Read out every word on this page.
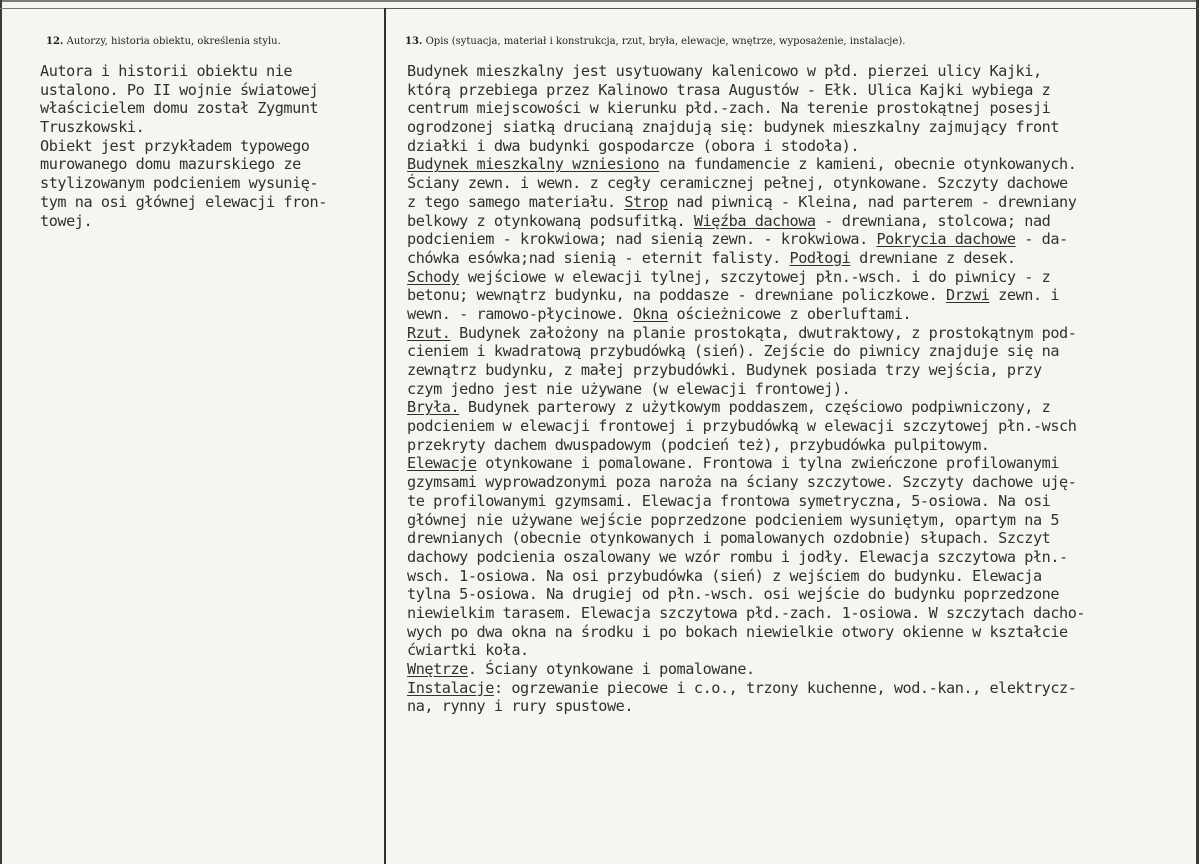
12. Autorzy, historia obiektu, określenia stylu.	13. Opis (sytuacja, materiał i konstrukcja, rzut, bryła, elewacje, wnętrze, wyposażenie, instalacje).
Autora i historii obiektu nie
ustalono. Po II wojnie światowej
właścicielem domu został Zygmunt
Truszkowski.
Obiekt jest przykładem typowego
murowanego domu mazurskiego ze
stylizowanym podcieniem wysunię-
tym na osi głównej elewacji fron-
towej.
Budynek mieszkalny jest usytuowany kalenicowo w płd. pierzei ulicy Kajki,
którą przebiega przez Kalinowo trasa Augustów - Ełk. Ulica Kajki wybiega z
centrum miejscowości w kierunku płd.-zach. Na terenie prostokątnej posesji
ogrodzonej siatką drucianą znajdują się: budynek mieszkalny zajmujący front
działki i dwa budynki gospodarcze (obora i stodoła).
Budynek mieszkalny wzniesiono na fundamencie z kamieni, obecnie otynkowanych.
Ściany zewn. i wewn. z cegły ceramicznej pełnej, otynkowane. Szczyty dachowe
z tego samego materiału. Strop nad piwnicą - Kleina, nad parterem - drewniany
belkowy z otynkowaną podsufitką. Więźba dachowa - drewniana, stolcowa; nad
podcieniem - krokwiowa; nad sienią zewn. - krokwiowa. Pokrycia dachowe - da-
chówka esówka;nad sienią - eternit falisty. Podłogi drewniane z desek.
Schody wejściowe w elewacji tylnej, szczytowej płn.-wsch. i do piwnicy - z
betonu; wewnątrz budynku, na poddasze - drewniane policzkowe. Drzwi zewn. i
wewn. - ramowo-płycinowe. Okna ościeżnicowe z oberluftami.
Rzut. Budynek założony na planie prostokąta, dwutraktowy, z prostokątnym pod-
cieniem i kwadratową przybudówką (sień). Zejście do piwnicy znajduje się na
zewnątrz budynku, z małej przybudówki. Budynek posiada trzy wejścia, przy
czym jedno jest nie używane (w elewacji frontowej).
Bryła. Budynek parterowy z użytkowym poddaszem, częściowo podpiwniczony, z
podcieniem w elewacji frontowej i przybudówką w elewacji szczytowej płn.-wsch
przekryty dachem dwuspadowym (podcień też), przybudówka pulpitowym.
Elewacje otynkowane i pomalowane. Frontowa i tylna zwieńczone profilowanymi
gzymsami wyprowadzonymi poza naroża na ściany szczytowe. Szczyty dachowe uję-
te profilowanymi gzymsami. Elewacja frontowa symetryczna, 5-osiowa. Na osi
głównej nie używane wejście poprzedzone podcieniem wysuniętym, opartym na 5
drewnianych (obecnie otynkowanych i pomalowanych ozdobnie) słupach. Szczyt
dachowy podcienia oszalowany we wzór rombu i jodły. Elewacja szczytowa płn.-
wsch. 1-osiowa. Na osi przybudówka (sień) z wejściem do budynku. Elewacja
tylna 5-osiowa. Na drugiej od płn.-wsch. osi wejście do budynku poprzedzone
niewielkim tarasem. Elewacja szczytowa płd.-zach. 1-osiowa. W szczytach dacho-
wych po dwa okna na środku i po bokach niewielkie otwory okienne w kształcie
ćwiartki koła.
Wnętrze. Ściany otynkowane i pomalowane.
Instalacje: ogrzewanie piecowe i c.o., trzony kuchenne, wod.-kan., elektrycz-
na, rynny i rury spustowe.
